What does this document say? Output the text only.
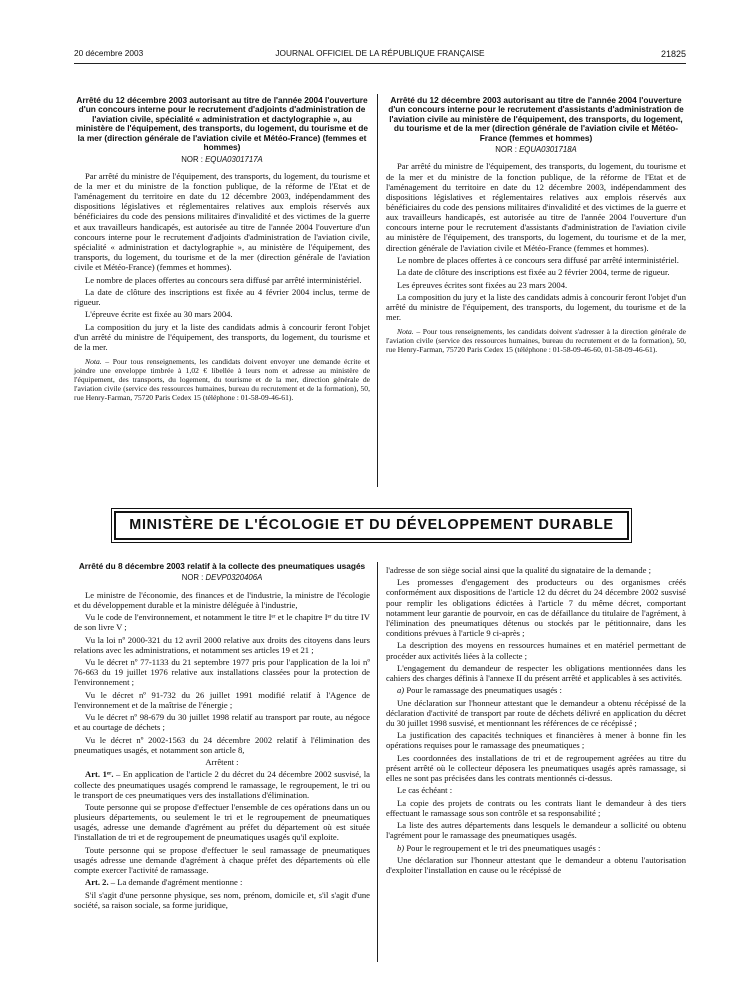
20 décembre 2003	JOURNAL OFFICIEL DE LA RÉPUBLIQUE FRANÇAISE	21825
Arrêté du 12 décembre 2003 autorisant au titre de l'année 2004 l'ouverture d'un concours interne pour le recrutement d'adjoints d'administration de l'aviation civile, spécialité « administration et dactylographie », au ministère de l'équipement, des transports, du logement, du tourisme et de la mer (direction générale de l'aviation civile et Météo-France) (femmes et hommes)
NOR : EQUA0301717A

Par arrêté du ministre de l'équipement, des transports, du logement, du tourisme et de la mer et du ministre de la fonction publique, de la réforme de l'Etat et de l'aménagement du territoire en date du 12 décembre 2003, indépendamment des dispositions législatives et réglementaires relatives aux emplois réservés aux bénéficiaires du code des pensions militaires d'invalidité et des victimes de la guerre et aux travailleurs handicapés, est autorisée au titre de l'année 2004 l'ouverture d'un concours interne pour le recrutement d'adjoints d'administration de l'aviation civile, spécialité « administration et dactylographie », au ministère de l'équipement, des transports, du logement, du tourisme et de la mer (direction générale de l'aviation civile et Météo-France) (femmes et hommes).

Le nombre de places offertes au concours sera diffusé par arrêté interministériel.

La date de clôture des inscriptions est fixée au 4 février 2004 inclus, terme de rigueur.

L'épreuve écrite est fixée au 30 mars 2004.

La composition du jury et la liste des candidats admis à concourir feront l'objet d'un arrêté du ministre de l'équipement, des transports, du logement, du tourisme et de la mer.

Nota. – Pour tous renseignements, les candidats doivent envoyer une demande écrite et joindre une enveloppe timbrée à 1,02 € libellée à leurs nom et adresse au ministère de l'équipement, des transports, du logement, du tourisme et de la mer, direction générale de l'aviation civile (service des ressources humaines, bureau du recrutement et de la formation), 50, rue Henry-Farman, 75720 Paris Cedex 15 (téléphone : 01-58-09-46-61).

Arrêté du 12 décembre 2003 autorisant au titre de l'année 2004 l'ouverture d'un concours interne pour le recrutement d'assistants d'administration de l'aviation civile au ministère de l'équipement, des transports, du logement, du tourisme et de la mer (direction générale de l'aviation civile et Météo-France (femmes et hommes)
NOR : EQUA0301718A

Par arrêté du ministre de l'équipement, des transports, du logement, du tourisme et de la mer et du ministre de la fonction publique, de la réforme de l'Etat et de l'aménagement du territoire en date du 12 décembre 2003, indépendamment des dispositions législatives et réglementaires relatives aux emplois réservés aux bénéficiaires du code des pensions militaires d'invalidité et des victimes de la guerre et aux travailleurs handicapés, est autorisée au titre de l'année 2004 l'ouverture d'un concours interne pour le recrutement d'assistants d'administration de l'aviation civile au ministère de l'équipement, des transports, du logement, du tourisme et de la mer, direction générale de l'aviation civile et Météo-France (femmes et hommes).

Le nombre de places offertes à ce concours sera diffusé par arrêté interministériel.

La date de clôture des inscriptions est fixée au 2 février 2004, terme de rigueur.

Les épreuves écrites sont fixées au 23 mars 2004.

La composition du jury et la liste des candidats admis à concourir feront l'objet d'un arrêté du ministre de l'équipement, des transports, du logement, du tourisme et de la mer.

Nota. – Pour tous renseignements, les candidats doivent s'adresser à la direction générale de l'aviation civile (service des ressources humaines, bureau du recrutement et de la formation), 50, rue Henry-Farman, 75720 Paris Cedex 15 (téléphone : 01-58-09-46-60, 01-58-09-46-61).

MINISTÈRE DE L'ÉCOLOGIE ET DU DÉVELOPPEMENT DURABLE
Arrêté du 8 décembre 2003 relatif à la collecte des pneumatiques usagés
NOR : DEVP0320406A

Le ministre de l'économie, des finances et de l'industrie, la ministre de l'écologie et du développement durable et la ministre déléguée à l'industrie,

Vu le code de l'environnement, et notamment le titre Iᵉʳ et le chapitre Iᵉʳ du titre IV de son livre V ;

Vu la loi nº 2000-321 du 12 avril 2000 relative aux droits des citoyens dans leurs relations avec les administrations, et notamment ses articles 19 et 21 ;

Vu le décret nº 77-1133 du 21 septembre 1977 pris pour l'application de la loi nº 76-663 du 19 juillet 1976 relative aux installations classées pour la protection de l'environnement ;

Vu le décret nº 91-732 du 26 juillet 1991 modifié relatif à l'Agence de l'environnement et de la maîtrise de l'énergie ;

Vu le décret nº 98-679 du 30 juillet 1998 relatif au transport par route, au négoce et au courtage de déchets ;

Vu le décret nº 2002-1563 du 24 décembre 2002 relatif à l'élimination des pneumatiques usagés, et notamment son article 8,

Arrêtent :

Art. 1ᵉʳ. – En application de l'article 2 du décret du 24 décembre 2002 susvisé, la collecte des pneumatiques usagés comprend le ramassage, le regroupement, le tri ou le transport de ces pneumatiques vers des installations d'élimination.

Toute personne qui se propose d'effectuer l'ensemble de ces opérations dans un ou plusieurs départements, ou seulement le tri et le regroupement de pneumatiques usagés, adresse une demande d'agrément au préfet du département où est située l'installation de tri et de regroupement de pneumatiques usagés qu'il exploite.

Toute personne qui se propose d'effectuer le seul ramassage de pneumatiques usagés adresse une demande d'agrément à chaque préfet des départements où elle compte exercer l'activité de ramassage.

Art. 2. – La demande d'agrément mentionne :

S'il s'agit d'une personne physique, ses nom, prénom, domicile et, s'il s'agit d'une société, sa raison sociale, sa forme juridique,

l'adresse de son siège social ainsi que la qualité du signataire de la demande ;

Les promesses d'engagement des producteurs ou des organismes créés conformément aux dispositions de l'article 12 du décret du 24 décembre 2002 susvisé pour remplir les obligations édictées à l'article 7 du même décret, comportant notamment leur garantie de pourvoir, en cas de défaillance du titulaire de l'agrément, à l'élimination des pneumatiques détenus ou stockés par le pétitionnaire, dans les conditions prévues à l'article 9 ci-après ;

La description des moyens en ressources humaines et en matériel permettant de procéder aux activités liées à la collecte ;

L'engagement du demandeur de respecter les obligations mentionnées dans les cahiers des charges définis à l'annexe II du présent arrêté et applicables à ses activités.

a) Pour le ramassage des pneumatiques usagés :

Une déclaration sur l'honneur attestant que le demandeur a obtenu récépissé de la déclaration d'activité de transport par route de déchets délivré en application du décret du 30 juillet 1998 susvisé, et mentionnant les références de ce récépissé ;

La justification des capacités techniques et financières à mener à bonne fin les opérations requises pour le ramassage des pneumatiques ;

Les coordonnées des installations de tri et de regroupement agréées au titre du présent arrêté où le collecteur déposera les pneumatiques usagés après ramassage, si elles ne sont pas précisées dans les contrats mentionnés ci-dessus.

Le cas échéant :

La copie des projets de contrats ou les contrats liant le demandeur à des tiers effectuant le ramassage sous son contrôle et sa responsabilité ;

La liste des autres départements dans lesquels le demandeur a sollicité ou obtenu l'agrément pour le ramassage des pneumatiques usagés.

b) Pour le regroupement et le tri des pneumatiques usagés :

Une déclaration sur l'honneur attestant que le demandeur a obtenu l'autorisation d'exploiter l'installation en cause ou le récépissé de
